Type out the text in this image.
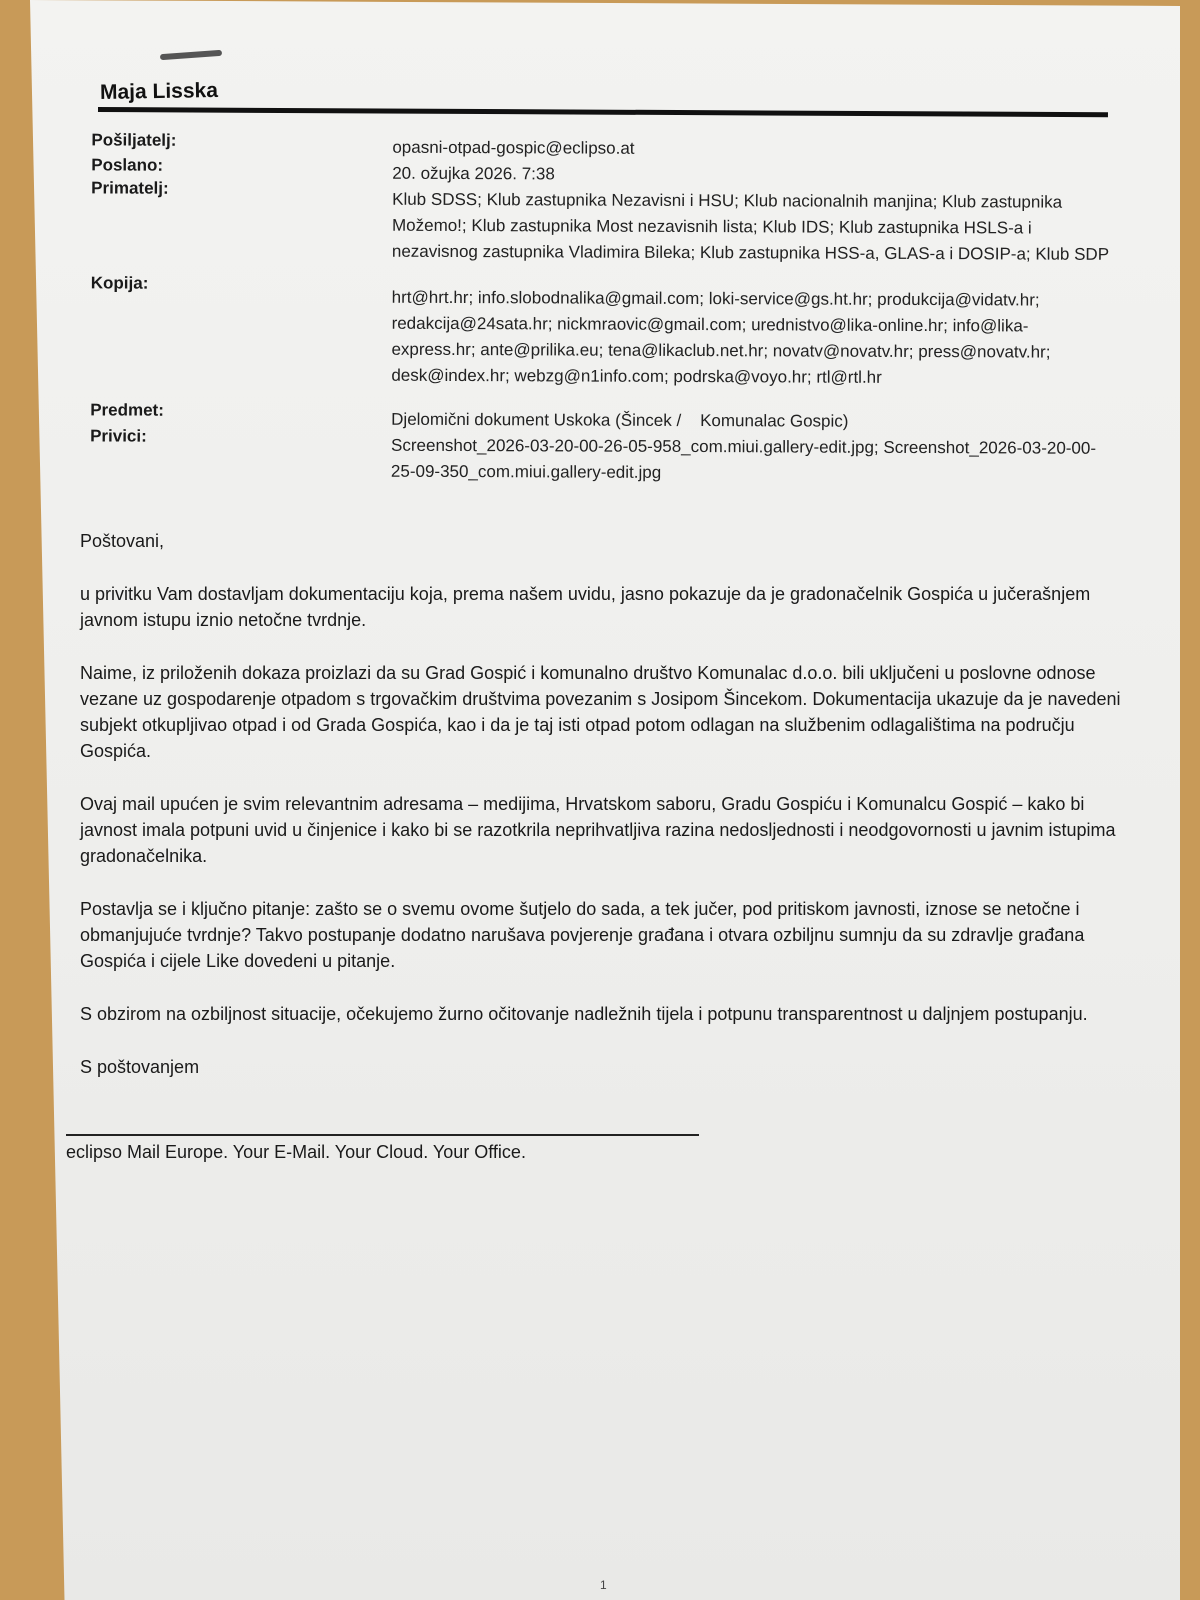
Maja Lisska
Pošiljatelj:	opasni-otpad-gospic@eclipso.at
Poslano:	20. ožujka 2026. 7:38
Primatelj:
Klub SDSS; Klub zastupnika Nezavisni i HSU; Klub nacionalnih manjina; Klub zastupnika Možemo!; Klub zastupnika Most nezavisnih lista; Klub IDS; Klub zastupnika HSLS-a i nezavisnog zastupnika Vladimira Bileka; Klub zastupnika HSS-a, GLAS-a i DOSIP-a; Klub SDP
Kopija:
hrt@hrt.hr; info.slobodnalika@gmail.com; loki-service@gs.ht.hr; produkcija@vidatv.hr; redakcija@24sata.hr; nickmraovic@gmail.com; urednistvo@lika-online.hr; info@lika-express.hr; ante@prilika.eu; tena@likaclub.net.hr; novatv@novatv.hr; press@novatv.hr; desk@index.hr; webzg@n1info.com; podrska@voyo.hr; rtl@rtl.hr
Predmet:	Djelomični dokument Uskoka (Šincek /    Komunalac Gospic)
Privici:	Screenshot_2026-03-20-00-26-05-958_com.miui.gallery-edit.jpg; Screenshot_2026-03-20-00-25-09-350_com.miui.gallery-edit.jpg

Poštovani,

u privitku Vam dostavljam dokumentaciju koja, prema našem uvidu, jasno pokazuje da je gradonačelnik Gospića u jučerašnjem javnom istupu iznio netočne tvrdnje.

Naime, iz priloženih dokaza proizlazi da su Grad Gospić i komunalno društvo Komunalac d.o.o. bili uključeni u poslovne odnose vezane uz gospodarenje otpadom s trgovačkim društvima povezanim s Josipom Šincekom. Dokumentacija ukazuje da je navedeni subjekt otkupljivao otpad i od Grada Gospića, kao i da je taj isti otpad potom odlagan na službenim odlagalištima na području Gospića.

Ovaj mail upućen je svim relevantnim adresama – medijima, Hrvatskom saboru, Gradu Gospiću i Komunalcu Gospić – kako bi javnost imala potpuni uvid u činjenice i kako bi se razotkrila neprihvatljiva razina nedosljednosti i neodgovornosti u javnim istupima gradonačelnika.

Postavlja se i ključno pitanje: zašto se o svemu ovome šutjelo do sada, a tek jučer, pod pritiskom javnosti, iznose se netočne i obmanjujuće tvrdnje? Takvo postupanje dodatno narušava povjerenje građana i otvara ozbiljnu sumnju da su zdravlje građana Gospića i cijele Like dovedeni u pitanje.

S obzirom na ozbiljnost situacije, očekujemo žurno očitovanje nadležnih tijela i potpunu transparentnost u daljnjem postupanju.

S poštovanjem

eclipso Mail Europe. Your E-Mail. Your Cloud. Your Office.
1
